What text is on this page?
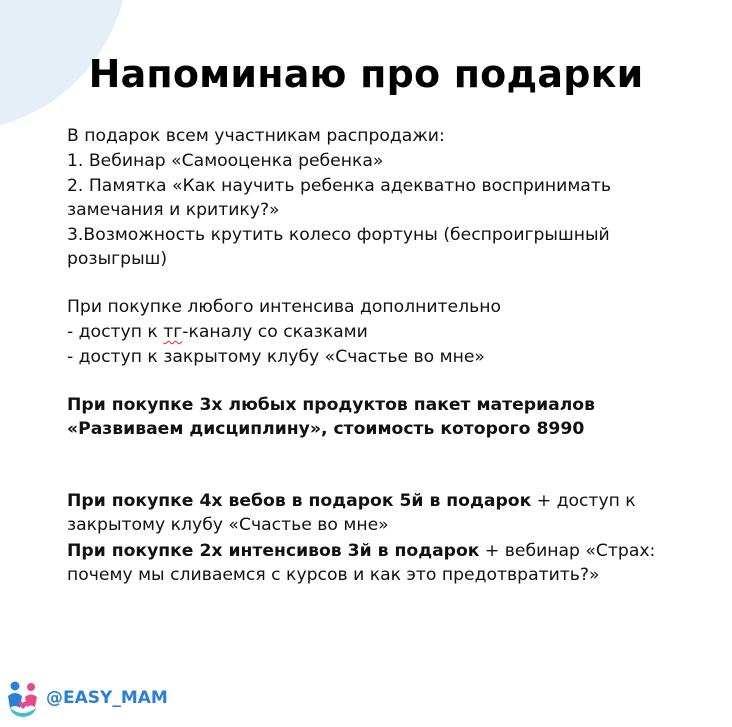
Напоминаю про подарки

В подарок всем участникам распродажи:

1. Вебинар «Самооценка ребенка»

2. Памятка «Как научить ребенка адекватно воспринимать замечания и критику?»

3.Возможность крутить колесо фортуны (беспроигрышный розыгрыш)

При покупке любого интенсива дополнительно

- доступ к тг-каналу со сказками

- доступ к закрытому клубу «Счастье во мне»

При покупке 3х любых продуктов пакет материалов «Развиваем дисциплину», стоимость которого 8990

При покупке 4х вебов в подарок 5й в подарок + доступ к закрытому клубу «Счастье во мне»

При покупке 2х интенсивов 3й в подарок + вебинар «Страх: почему мы сливаемся с курсов и как это предотвратить?»

@EASY_MAM
